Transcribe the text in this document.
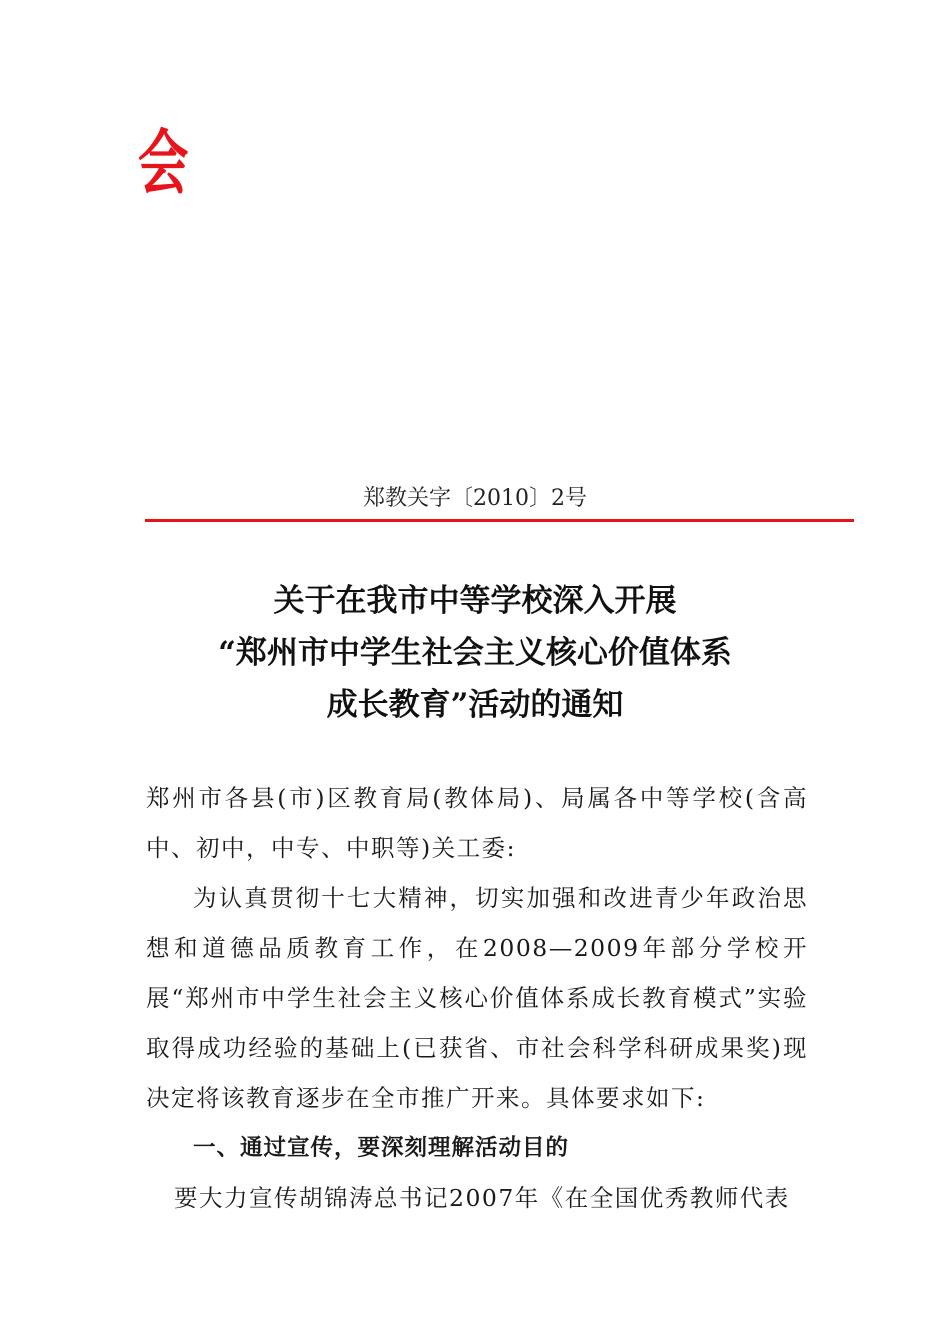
会
郑教关字〔2010〕2号
关于在我市中等学校深入开展
“郑州市中学生社会主义核心价值体系
成长教育”活动的通知

郑州市各县(市)区教育局(教体局)、局属各中等学校(含高中、初中，中专、中职等)关工委:

为认真贯彻十七大精神，切实加强和改进青少年政治思想和道德品质教育工作，在2008—2009年部分学校开展“郑州市中学生社会主义核心价值体系成长教育模式”实验取得成功经验的基础上(已获省、市社会科学科研成果奖)现决定将该教育逐步在全市推广开来。具体要求如下:

一、通过宣传，要深刻理解活动目的

要大力宣传胡锦涛总书记2007年《在全国优秀教师代表
